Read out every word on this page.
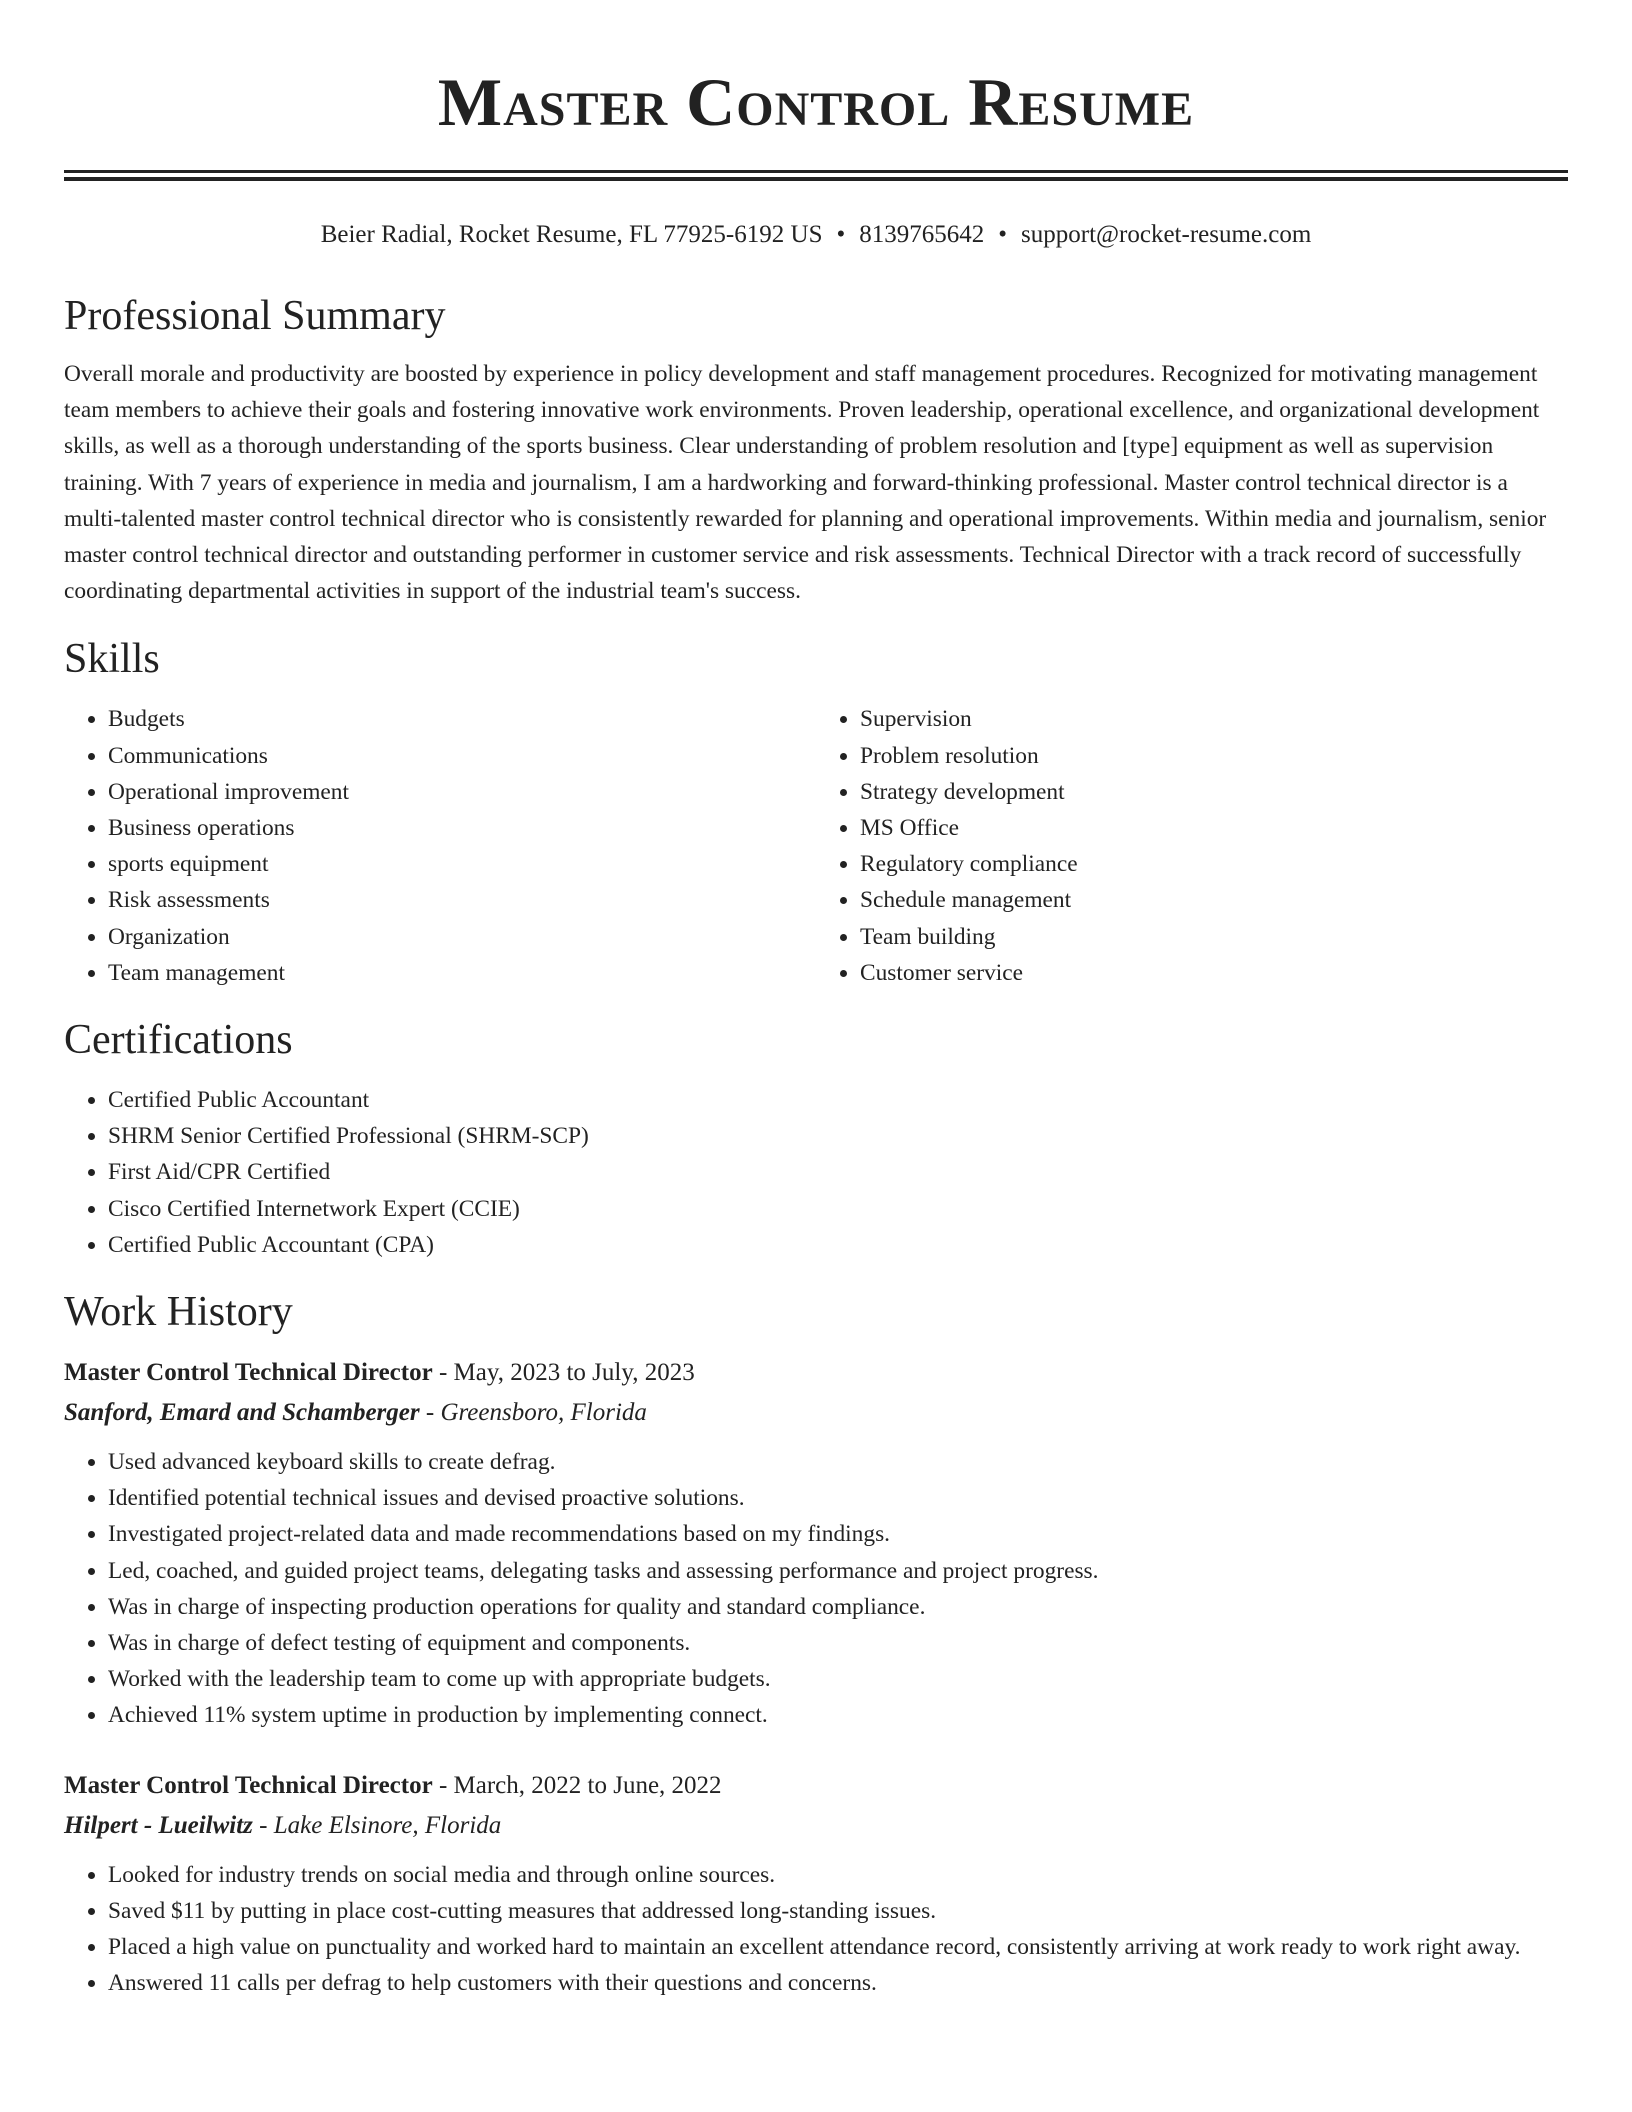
Master Control Resume
Beier Radial, Rocket Resume, FL 77925-6192 US • 8139765642 • support@rocket-resume.com
Professional Summary

Overall morale and productivity are boosted by experience in policy development and staff management procedures. Recognized for motivating management team members to achieve their goals and fostering innovative work environments. Proven leadership, operational excellence, and organizational development skills, as well as a thorough understanding of the sports business. Clear understanding of problem resolution and [type] equipment as well as supervision training. With 7 years of experience in media and journalism, I am a hardworking and forward-thinking professional. Master control technical director is a multi-talented master control technical director who is consistently rewarded for planning and operational improvements. Within media and journalism, senior master control technical director and outstanding performer in customer service and risk assessments. Technical Director with a track record of successfully coordinating departmental activities in support of the industrial team's success.

Skills
• Budgets
• Communications
• Operational improvement
• Business operations
• sports equipment
• Risk assessments
• Organization
• Team management
• Supervision
• Problem resolution
• Strategy development
• MS Office
• Regulatory compliance
• Schedule management
• Team building
• Customer service
Certifications
• Certified Public Accountant
• SHRM Senior Certified Professional (SHRM-SCP)
• First Aid/CPR Certified
• Cisco Certified Internetwork Expert (CCIE)
• Certified Public Accountant (CPA)
Work History
Master Control Technical Director - May, 2023 to July, 2023
Sanford, Emard and Schamberger - Greensboro, Florida
• Used advanced keyboard skills to create defrag.
• Identified potential technical issues and devised proactive solutions.
• Investigated project-related data and made recommendations based on my findings.
• Led, coached, and guided project teams, delegating tasks and assessing performance and project progress.
• Was in charge of inspecting production operations for quality and standard compliance.
• Was in charge of defect testing of equipment and components.
• Worked with the leadership team to come up with appropriate budgets.
• Achieved 11% system uptime in production by implementing connect.
Master Control Technical Director - March, 2022 to June, 2022
Hilpert - Lueilwitz - Lake Elsinore, Florida
• Looked for industry trends on social media and through online sources.
• Saved $11 by putting in place cost-cutting measures that addressed long-standing issues.
• Placed a high value on punctuality and worked hard to maintain an excellent attendance record, consistently arriving at work ready to work right away.
• Answered 11 calls per defrag to help customers with their questions and concerns.
